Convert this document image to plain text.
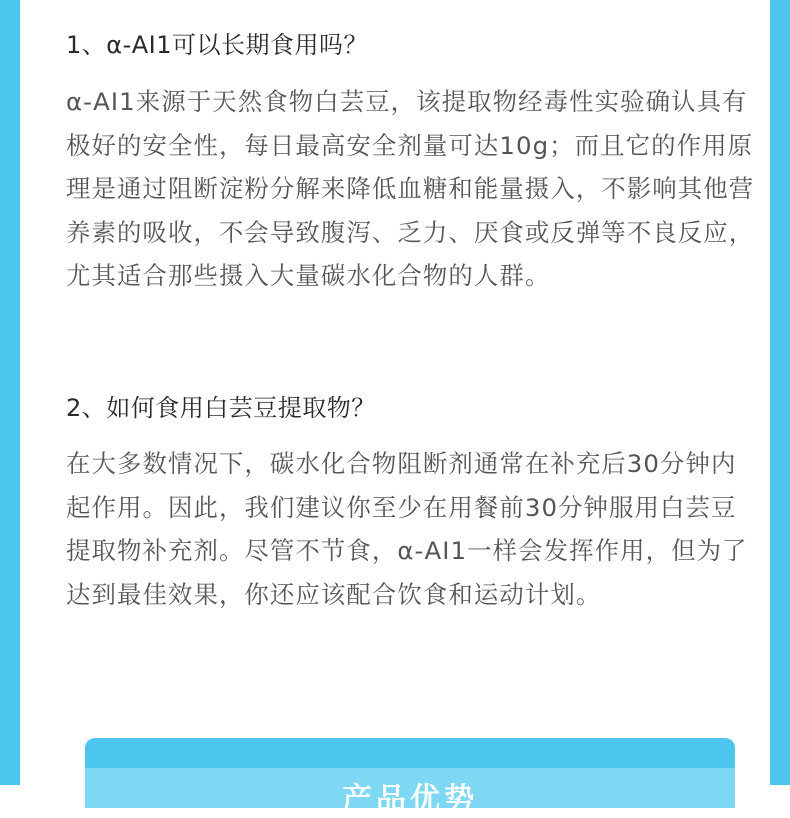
1、α-AI1可以长期食用吗？

α-AI1来源于天然食物白芸豆，该提取物经毒性实验确认具有极好的安全性，每日最高安全剂量可达10g；而且它的作用原理是通过阻断淀粉分解来降低血糖和能量摄入，不影响其他营养素的吸收，不会导致腹泻、乏力、厌食或反弹等不良反应，尤其适合那些摄入大量碳水化合物的人群。

2、如何食用白芸豆提取物？

在大多数情况下，碳水化合物阻断剂通常在补充后30分钟内起作用。因此，我们建议你至少在用餐前30分钟服用白芸豆提取物补充剂。尽管不节食，α-AI1一样会发挥作用，但为了达到最佳效果，你还应该配合饮食和运动计划。

产品优势
